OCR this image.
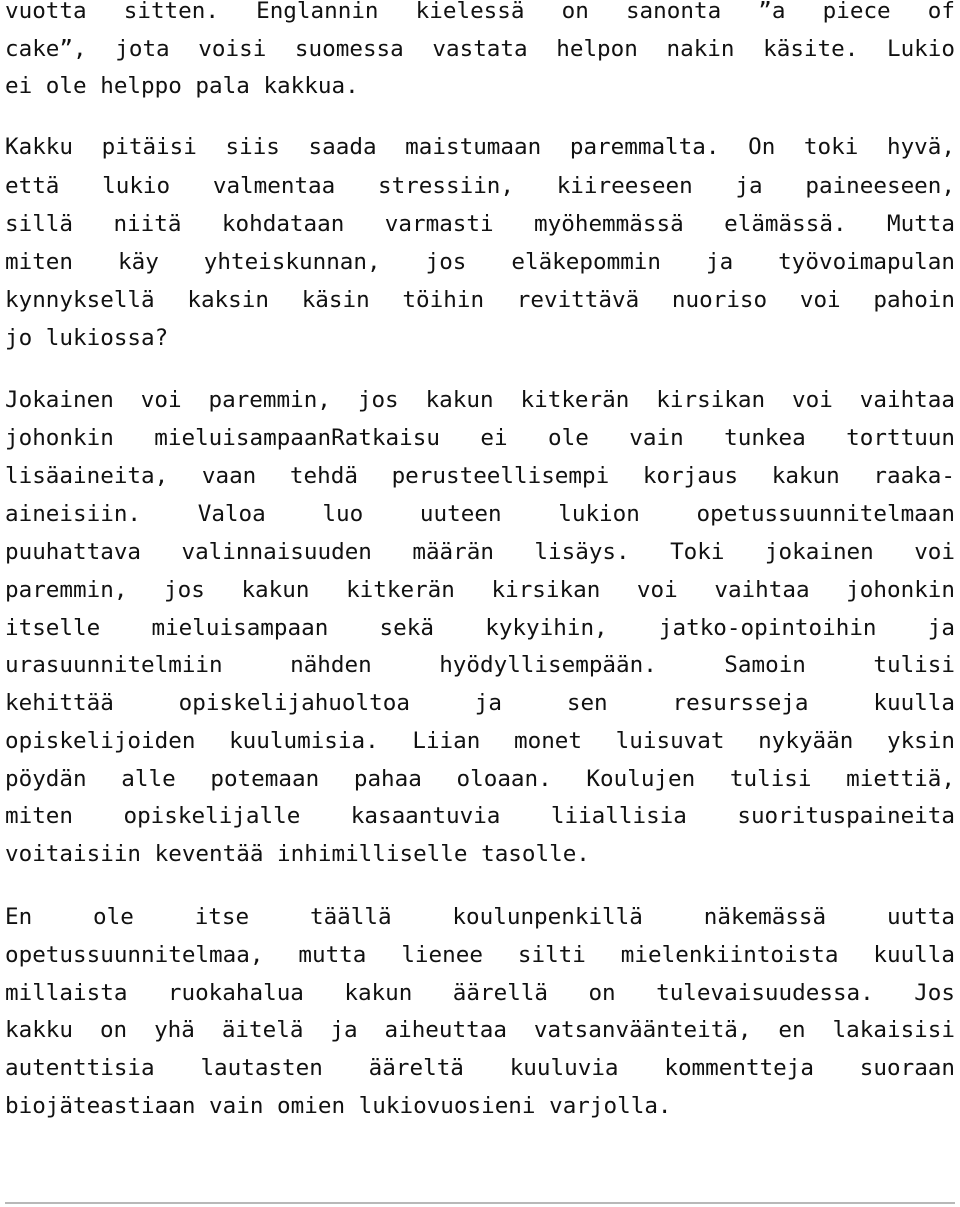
vuotta sitten. Englannin kielessä on sanonta ”a piece of
cake”, jota voisi suomessa vastata helpon nakin käsite. Lukio
ei ole helppo pala kakkua.
Kakku pitäisi siis saada maistumaan paremmalta. On toki hyvä,
että lukio valmentaa stressiin, kiireeseen ja paineeseen,
sillä niitä kohdataan varmasti myöhemmässä elämässä. Mutta
miten käy yhteiskunnan, jos eläkepommin ja työvoimapulan
kynnyksellä kaksin käsin töihin revittävä nuoriso voi pahoin
jo lukiossa?
Jokainen voi paremmin, jos kakun kitkerän kirsikan voi vaihtaa
johonkin mieluisampaanRatkaisu ei ole vain tunkea torttuun
lisäaineita, vaan tehdä perusteellisempi korjaus kakun raaka-
aineisiin. Valoa luo uuteen lukion opetussuunnitelmaan
puuhattava valinnaisuuden määrän lisäys. Toki jokainen voi
paremmin, jos kakun kitkerän kirsikan voi vaihtaa johonkin
itselle mieluisampaan sekä kykyihin, jatko-opintoihin ja
urasuunnitelmiin nähden hyödyllisempään. Samoin tulisi
kehittää opiskelijahuoltoa ja sen resursseja kuulla
opiskelijoiden kuulumisia. Liian monet luisuvat nykyään yksin
pöydän alle potemaan pahaa oloaan. Koulujen tulisi miettiä,
miten opiskelijalle kasaantuvia liiallisia suorituspaineita
voitaisiin keventää inhimilliselle tasolle.
En ole itse täällä koulunpenkillä näkemässä uutta
opetussuunnitelmaa, mutta lienee silti mielenkiintoista kuulla
millaista ruokahalua kakun äärellä on tulevaisuudessa. Jos
kakku on yhä äitelä ja aiheuttaa vatsanväänteitä, en lakaisisi
autenttisia lautasten ääreltä kuuluvia kommentteja suoraan
biojäteastiaan vain omien lukiovuosieni varjolla.
